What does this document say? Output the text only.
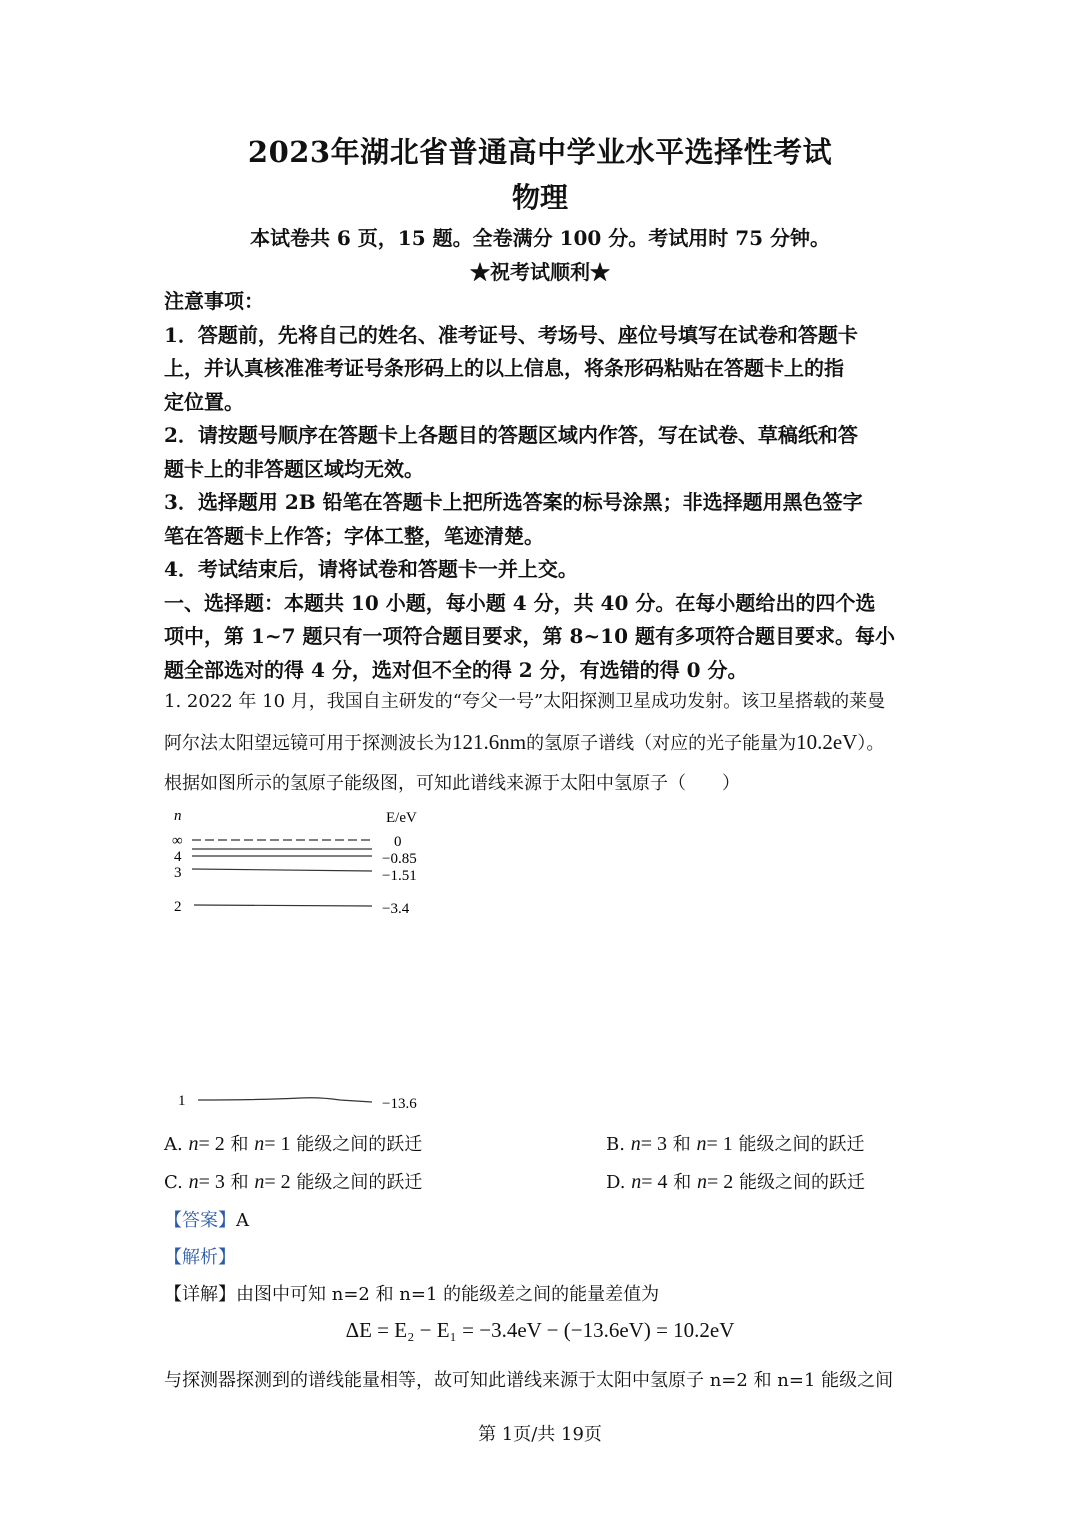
2023年湖北省普通高中学业水平选择性考试
物理
本试卷共 6 页，15 题。全卷满分 100 分。考试用时 75 分钟。
★祝考试顺利★
注意事项：
1．答题前，先将自己的姓名、准考证号、考场号、座位号填写在试卷和答题卡
上，并认真核准准考证号条形码上的以上信息，将条形码粘贴在答题卡上的指
定位置。
2．请按题号顺序在答题卡上各题目的答题区域内作答，写在试卷、草稿纸和答
题卡上的非答题区域均无效。
3．选择题用 2B 铅笔在答题卡上把所选答案的标号涂黑；非选择题用黑色签字
笔在答题卡上作答；字体工整，笔迹清楚。
4．考试结束后，请将试卷和答题卡一并上交。
一、选择题：本题共 10 小题，每小题 4 分，共 40 分。在每小题给出的四个选
项中，第 1~7 题只有一项符合题目要求，第 8~10 题有多项符合题目要求。每小
题全部选对的得 4 分，选对但不全的得 2 分，有选错的得 0 分。
1. 2022 年 10 月，我国自主研发的“夸父一号”太阳探测卫星成功发射。该卫星搭载的莱曼
阿尔法太阳望远镜可用于探测波长为121.6nm的氢原子谱线（对应的光子能量为10.2eV）。
根据如图所示的氢原子能级图，可知此谱线来源于太阳中氢原子（　　）
n	E/eV
∞	0
4	−0.85
3	−1.51
2	−3.4
1	−13.6
A. n= 2 和 n= 1 能级之间的跃迁	B. n= 3 和 n= 1 能级之间的跃迁
C. n= 3 和 n= 2 能级之间的跃迁	D. n= 4 和 n= 2 能级之间的跃迁
【答案】A
【解析】
【详解】由图中可知 n=2 和 n=1 的能级差之间的能量差值为
ΔE = E₂ − E₁ = −3.4eV − (−13.6eV) = 10.2eV
与探测器探测到的谱线能量相等，故可知此谱线来源于太阳中氢原子 n=2 和 n=1 能级之间
第 1页/共 19页
